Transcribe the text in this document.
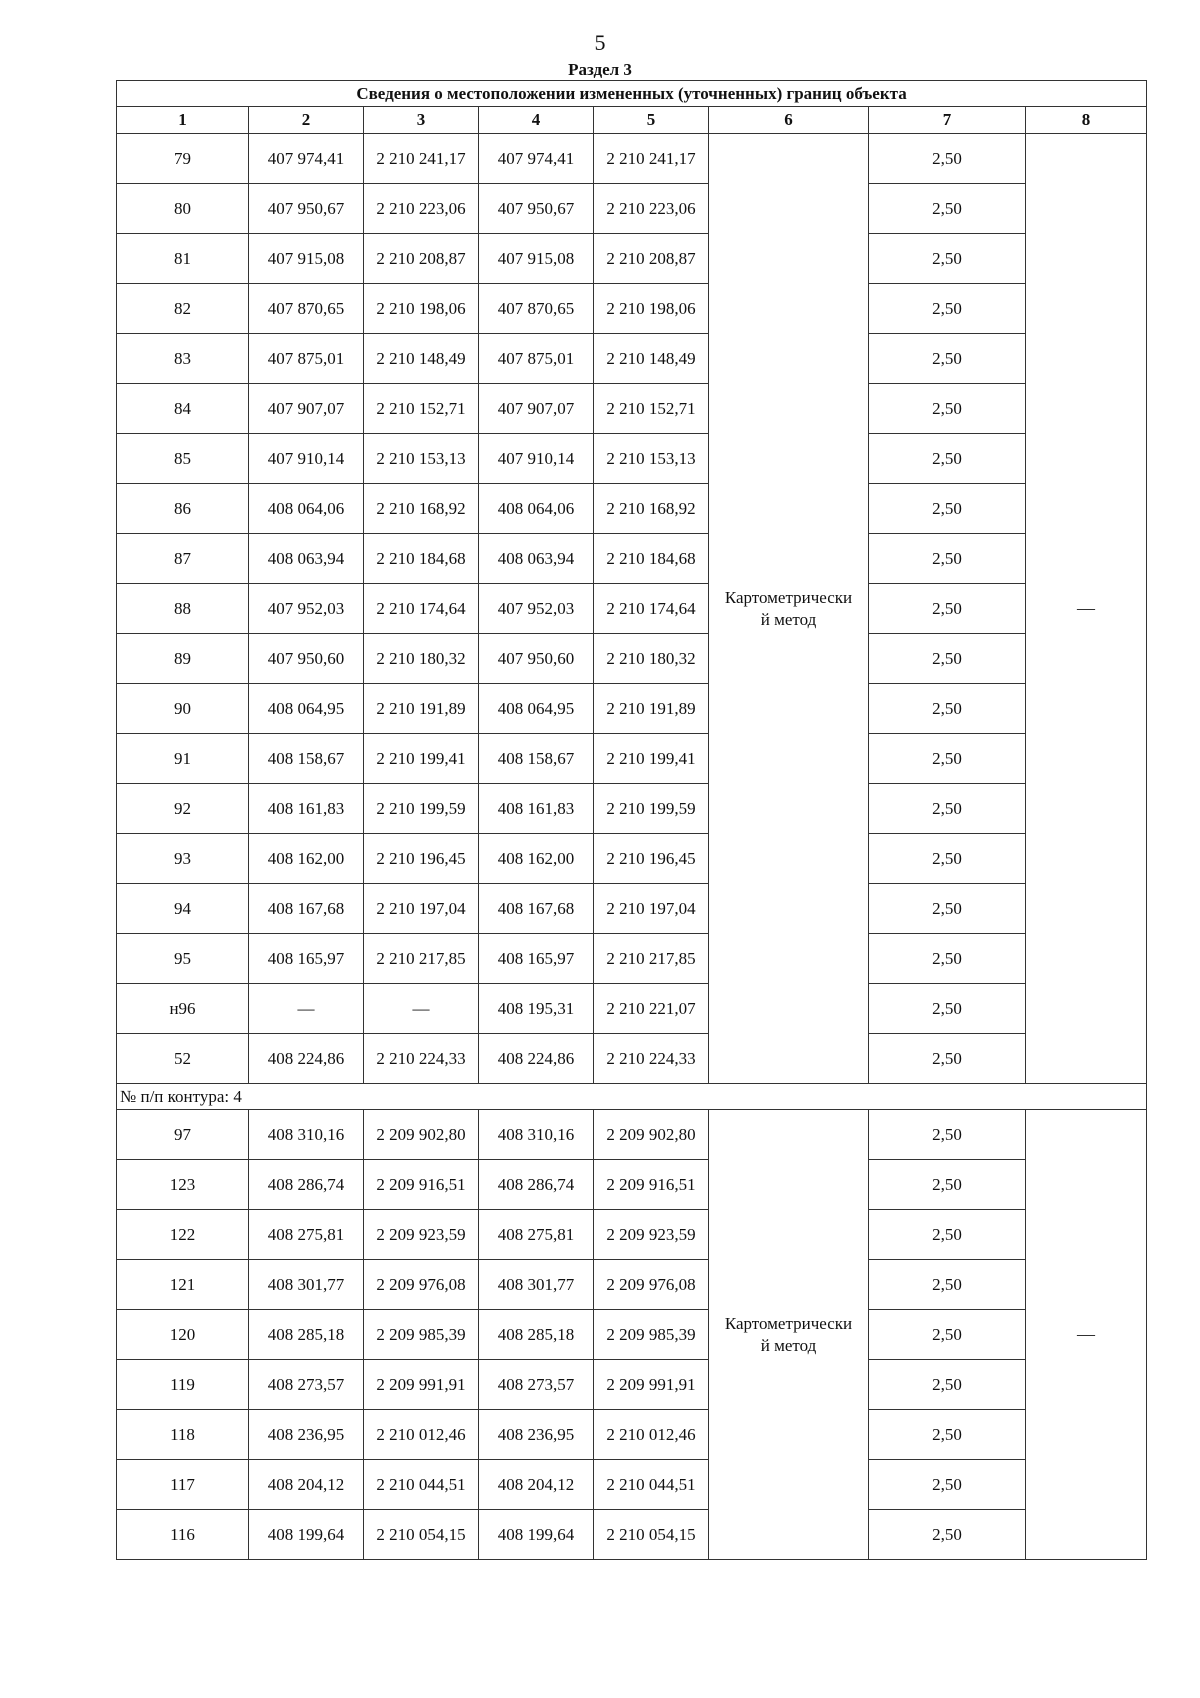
5
Раздел 3
Сведения о местоположении измененных (уточненных) границ объекта							
1	2	3	4	5	6	7	8
79	407 974,41	2 210 241,17	407 974,41	2 210 241,17	Картометрически
й метод	2,50	—
80	407 950,67	2 210 223,06	407 950,67	2 210 223,06		2,50	
81	407 915,08	2 210 208,87	407 915,08	2 210 208,87		2,50	
82	407 870,65	2 210 198,06	407 870,65	2 210 198,06		2,50	
83	407 875,01	2 210 148,49	407 875,01	2 210 148,49		2,50	
84	407 907,07	2 210 152,71	407 907,07	2 210 152,71		2,50	
85	407 910,14	2 210 153,13	407 910,14	2 210 153,13		2,50	
86	408 064,06	2 210 168,92	408 064,06	2 210 168,92		2,50	
87	408 063,94	2 210 184,68	408 063,94	2 210 184,68		2,50	
88	407 952,03	2 210 174,64	407 952,03	2 210 174,64		2,50	
89	407 950,60	2 210 180,32	407 950,60	2 210 180,32		2,50	
90	408 064,95	2 210 191,89	408 064,95	2 210 191,89		2,50	
91	408 158,67	2 210 199,41	408 158,67	2 210 199,41		2,50	
92	408 161,83	2 210 199,59	408 161,83	2 210 199,59		2,50	
93	408 162,00	2 210 196,45	408 162,00	2 210 196,45		2,50	
94	408 167,68	2 210 197,04	408 167,68	2 210 197,04		2,50	
95	408 165,97	2 210 217,85	408 165,97	2 210 217,85		2,50	
н96	—	—	408 195,31	2 210 221,07		2,50	
52	408 224,86	2 210 224,33	408 224,86	2 210 224,33		2,50	
№ п/п контура: 4							
97	408 310,16	2 209 902,80	408 310,16	2 209 902,80	Картометрически
й метод	2,50	—
123	408 286,74	2 209 916,51	408 286,74	2 209 916,51		2,50	
122	408 275,81	2 209 923,59	408 275,81	2 209 923,59		2,50	
121	408 301,77	2 209 976,08	408 301,77	2 209 976,08		2,50	
120	408 285,18	2 209 985,39	408 285,18	2 209 985,39		2,50	
119	408 273,57	2 209 991,91	408 273,57	2 209 991,91		2,50	
118	408 236,95	2 210 012,46	408 236,95	2 210 012,46		2,50	
117	408 204,12	2 210 044,51	408 204,12	2 210 044,51		2,50	
116	408 199,64	2 210 054,15	408 199,64	2 210 054,15		2,50	
